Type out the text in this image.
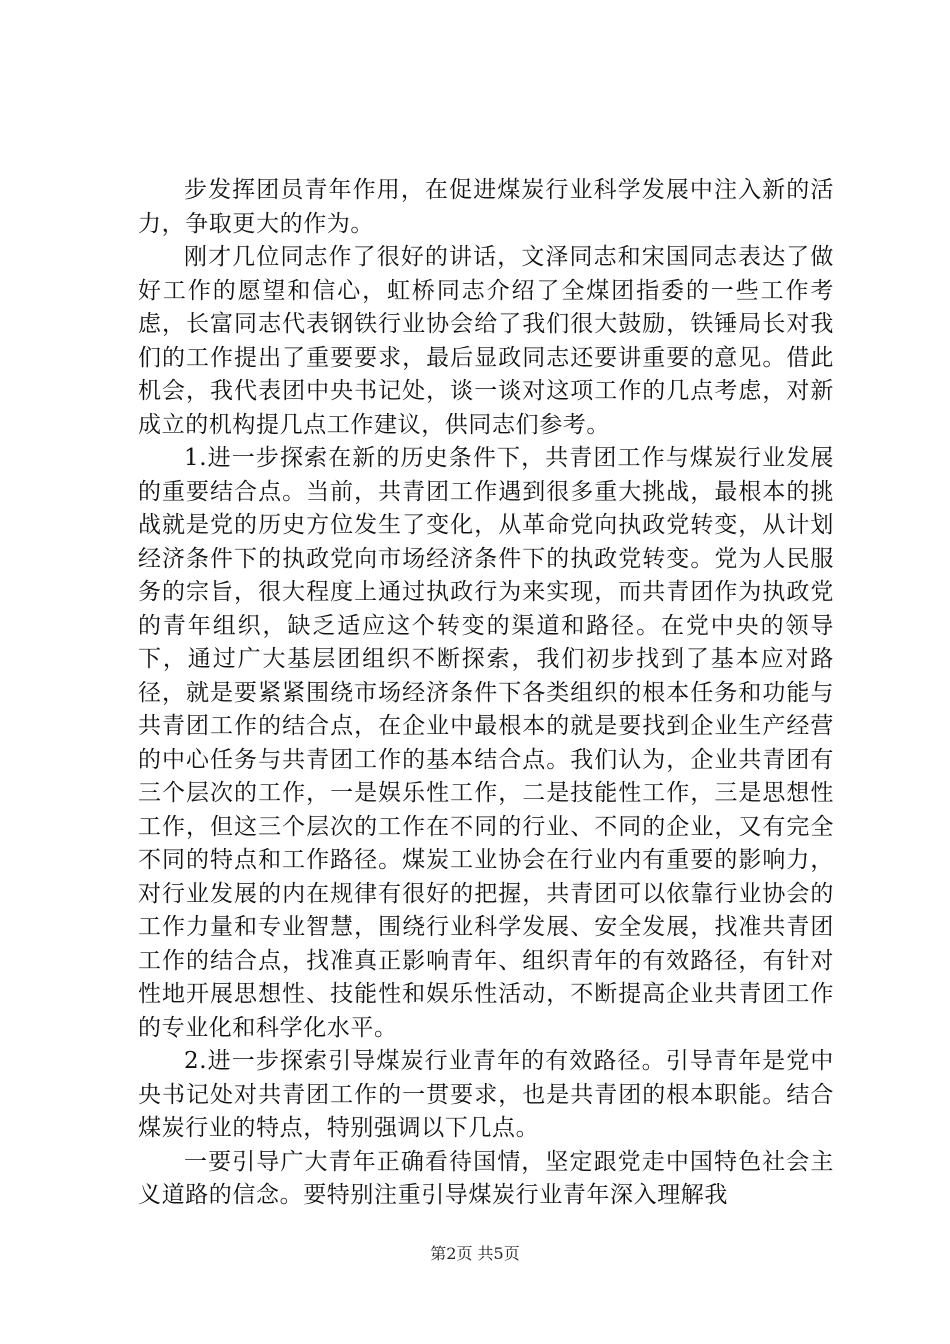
步发挥团员青年作用，在促进煤炭行业科学发展中注入新的活力，争取更大的作为。

刚才几位同志作了很好的讲话，文泽同志和宋国同志表达了做好工作的愿望和信心，虹桥同志介绍了全煤团指委的一些工作考虑，长富同志代表钢铁行业协会给了我们很大鼓励，铁锤局长对我们的工作提出了重要要求，最后显政同志还要讲重要的意见。借此机会，我代表团中央书记处，谈一谈对这项工作的几点考虑，对新成立的机构提几点工作建议，供同志们参考。

1.进一步探索在新的历史条件下，共青团工作与煤炭行业发展的重要结合点。当前，共青团工作遇到很多重大挑战，最根本的挑战就是党的历史方位发生了变化，从革命党向执政党转变，从计划经济条件下的执政党向市场经济条件下的执政党转变。党为人民服务的宗旨，很大程度上通过执政行为来实现，而共青团作为执政党的青年组织，缺乏适应这个转变的渠道和路径。在党中央的领导下，通过广大基层团组织不断探索，我们初步找到了基本应对路径，就是要紧紧围绕市场经济条件下各类组织的根本任务和功能与共青团工作的结合点，在企业中最根本的就是要找到企业生产经营的中心任务与共青团工作的基本结合点。我们认为，企业共青团有三个层次的工作，一是娱乐性工作，二是技能性工作，三是思想性工作，但这三个层次的工作在不同的行业、不同的企业，又有完全不同的特点和工作路径。煤炭工业协会在行业内有重要的影响力，对行业发展的内在规律有很好的把握，共青团可以依靠行业协会的工作力量和专业智慧，围绕行业科学发展、安全发展，找准共青团工作的结合点，找准真正影响青年、组织青年的有效路径，有针对性地开展思想性、技能性和娱乐性活动，不断提高企业共青团工作的专业化和科学化水平。

2.进一步探索引导煤炭行业青年的有效路径。引导青年是党中央书记处对共青团工作的一贯要求，也是共青团的根本职能。结合煤炭行业的特点，特别强调以下几点。

一要引导广大青年正确看待国情，坚定跟党走中国特色社会主义道路的信念。要特别注重引导煤炭行业青年深入理解我

第2页 共5页
